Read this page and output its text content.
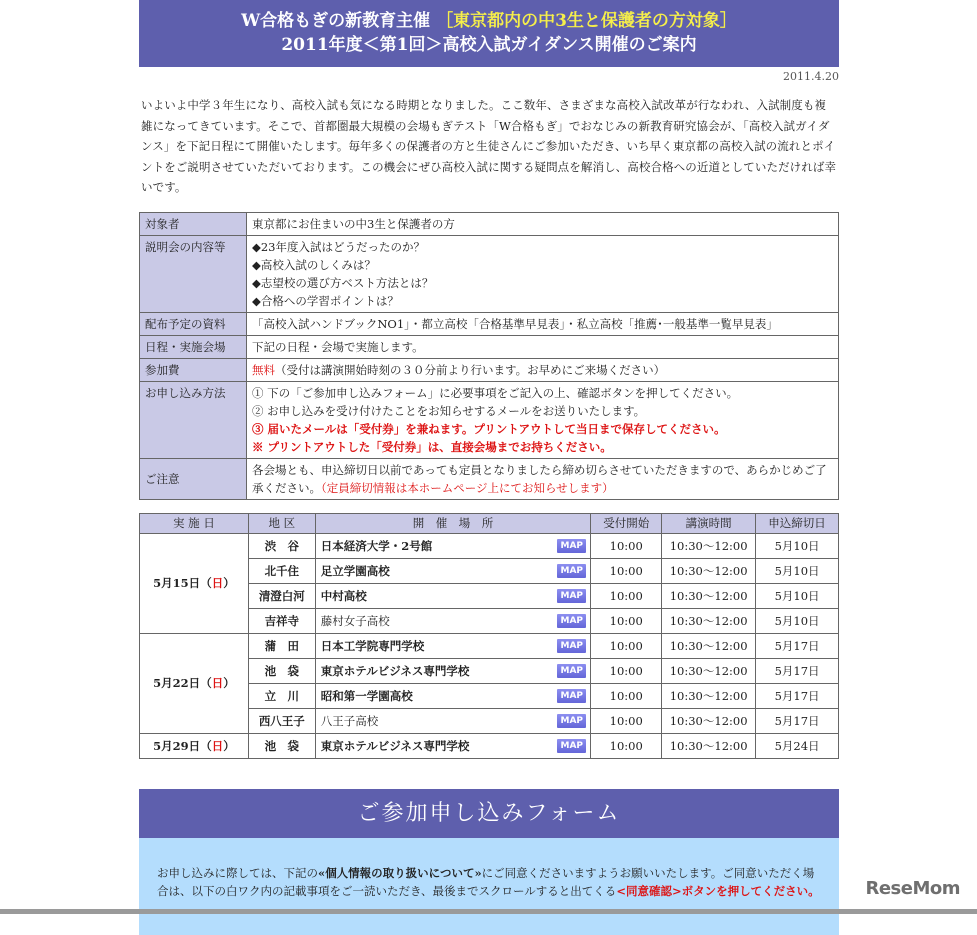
W合格もぎの新教育主催 ［東京都内の中3生と保護者の方対象］
2011年度＜第1回＞高校入試ガイダンス開催のご案内
2011.4.20
いよいよ中学３年生になり、高校入試も気になる時期となりました。ここ数年、さまざまな高校入試改革が行なわれ、入試制度も複雑になってきています。そこで、首都圏最大規模の会場もぎテスト「W合格もぎ」でおなじみの新教育研究協会が、「高校入試ガイダンス」を下記日程にて開催いたします。毎年多くの保護者の方と生徒さんにご参加いただき、いち早く東京都の高校入試の流れとポイントをご説明させていただいております。この機会にぜひ高校入試に関する疑問点を解消し、高校合格への近道としていただければ幸いです。
対象者	東京都にお住まいの中3生と保護者の方
説明会の内容等	◆23年度入試はどうだったのか？
◆高校入試のしくみは？
◆志望校の選び方ベスト方法とは？
◆合格への学習ポイントは？

配布予定の資料	「高校入試ハンドブックNO1」・都立高校「合格基準早見表」・私立高校「推薦･一般基準一覧早見表」
日程・実施会場	下記の日程・会場で実施します。
参加費	無料（受付は講演開始時刻の３０分前より行います。お早めにご来場ください）
お申し込み方法	① 下の「ご参加申し込みフォーム」に必要事項をご記入の上、確認ボタンを押してください。
② お申し込みを受け付けたことをお知らせするメールをお送りいたします。
③ 届いたメールは「受付券」を兼ねます。プリントアウトして当日まで保存してください。
※ プリントアウトした「受付券」は、直接会場までお持ちください。

ご注意	各会場とも、申込締切日以前であっても定員となりましたら締め切らさせていただきますので、あらかじめご了承ください。（定員締切情報は本ホームページ上にてお知らせします）
実 施 日	地 区	開　催　場　所	受付開始	講演時間	申込締切日
5月15日（日）	渋　谷	日本経済大学・2号館 MAP	10:00	10:30〜12:00	5月10日
	北千住	足立学園高校 MAP	10:00	10:30〜12:00	5月10日
	清澄白河	中村高校 MAP	10:00	10:30〜12:00	5月10日
	吉祥寺	藤村女子高校 MAP	10:00	10:30〜12:00	5月10日
5月22日（日）	蒲　田	日本工学院専門学校 MAP	10:00	10:30〜12:00	5月17日
	池　袋	東京ホテルビジネス専門学校 MAP	10:00	10:30〜12:00	5月17日
	立　川	昭和第一学園高校 MAP	10:00	10:30〜12:00	5月17日
	西八王子	八王子高校 MAP	10:00	10:30〜12:00	5月17日
5月29日（日）	池　袋	東京ホテルビジネス専門学校 MAP	10:00	10:30〜12:00	5月24日
ご参加申し込みフォーム
お申し込みに際しては、下記の«個人情報の取り扱いについて»にご同意くださいますようお願いいたします。ご同意いただく場合は、以下の白ワク内の記載事項をご一読いただき、最後までスクロールすると出てくる<同意確認>ボタンを押してください。	ReseMom
